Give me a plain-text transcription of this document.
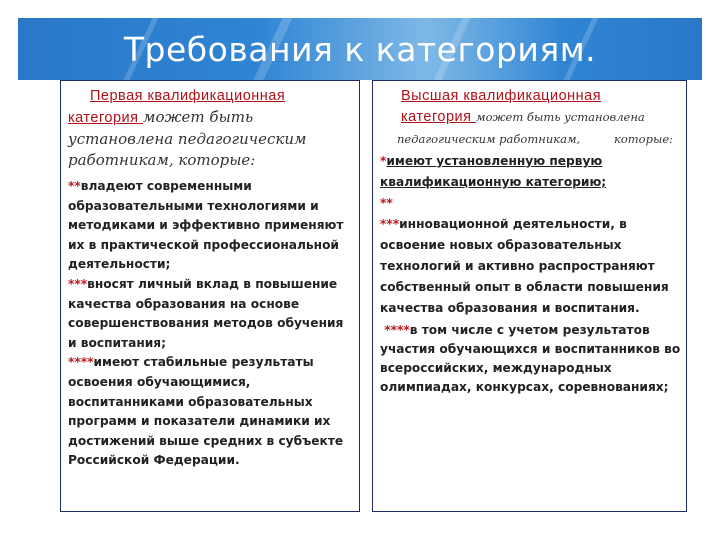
Требования к категориям.
Первая квалификационная
категория может быть
установлена педагогическим
работникам, которые:
**владеют современными образовательными технологиями и методиками и эффективно применяют их в практической профессиональной деятельности;
***вносят личный вклад в повышение качества образования на основе совершенствования методов обучения и воспитания;
****имеют стабильные результаты освоения обучающимися, воспитанниками образовательных программ и показатели динамики их достижений выше средних в субъекте Российской Федерации.
Высшая квалификационная
категория может быть установлена
педагогическим работникам,	которые:
*имеют установленную первую квалификационную категорию;
**
***инновационной деятельности, в освоение новых образовательных технологий и активно распространяют собственный опыт в области повышения качества образования и воспитания.
****в том числе с учетом результатов участия обучающихся и воспитанников во всероссийских, международных олимпиадах, конкурсах, соревнованиях;
